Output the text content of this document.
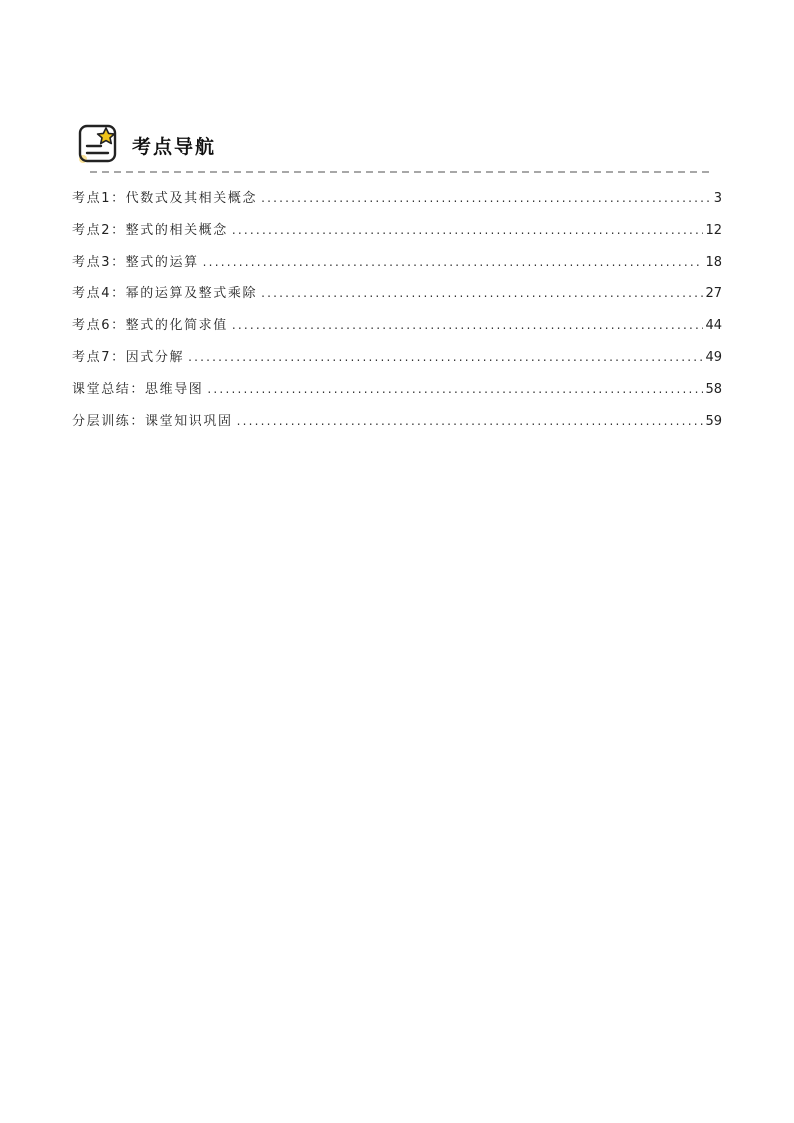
考点导航
考点1：代数式及其相关概念 .....	3
考点2：整式的相关概念 .....	12
考点3：整式的运算 .....	18
考点4：幂的运算及整式乘除 .....	27
考点6：整式的化简求值 .....	44
考点7：因式分解 .....	49
课堂总结：思维导图 .....	58
分层训练：课堂知识巩固 .....	59
